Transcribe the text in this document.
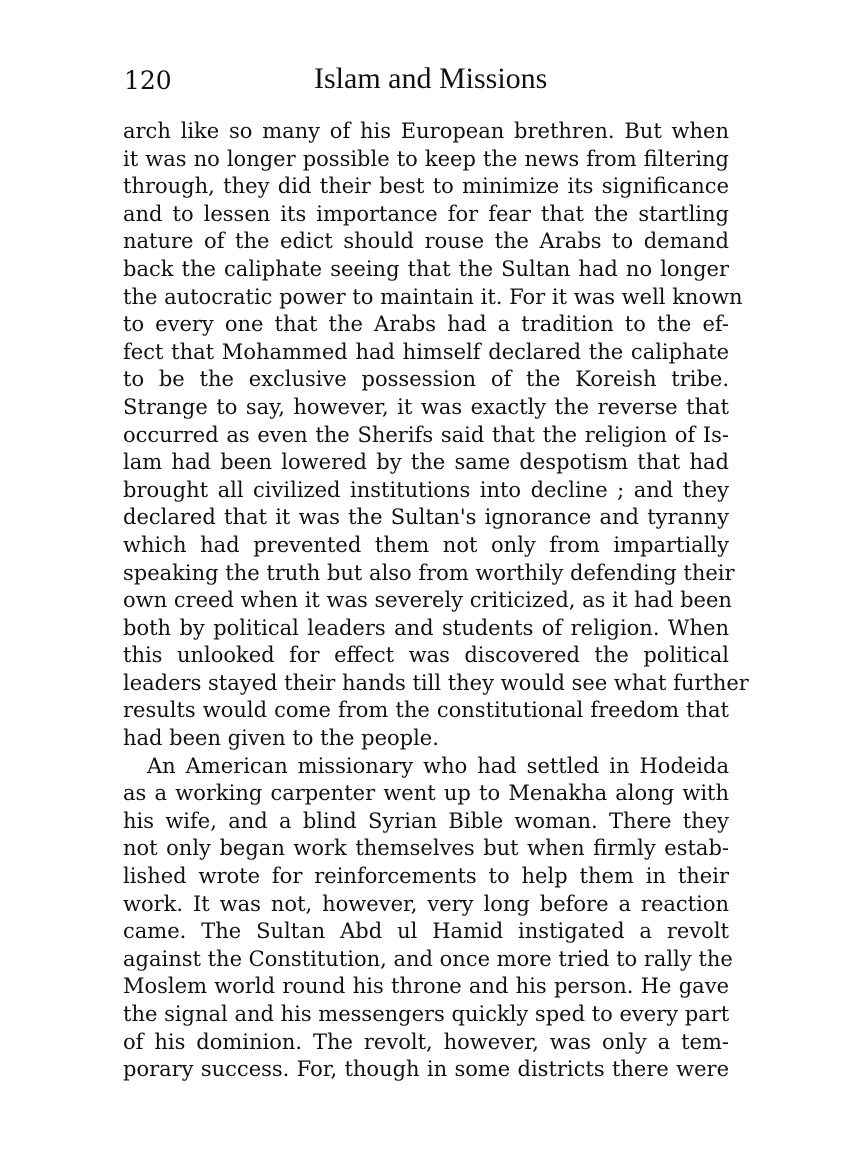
120	Islam and Missions
arch like so many of his European brethren. But when
it was no longer possible to keep the news from filtering
through, they did their best to minimize its significance
and to lessen its importance for fear that the startling
nature of the edict should rouse the Arabs to demand
back the caliphate seeing that the Sultan had no longer
the autocratic power to maintain it. For it was well known
to every one that the Arabs had a tradition to the ef-
fect that Mohammed had himself declared the caliphate
to be the exclusive possession of the Koreish tribe.
Strange to say, however, it was exactly the reverse that
occurred as even the Sherifs said that the religion of Is-
lam had been lowered by the same despotism that had
brought all civilized institutions into decline ; and they
declared that it was the Sultan's ignorance and tyranny
which had prevented them not only from impartially
speaking the truth but also from worthily defending their
own creed when it was severely criticized, as it had been
both by political leaders and students of religion. When
this unlooked for effect was discovered the political
leaders stayed their hands till they would see what further
results would come from the constitutional freedom that
had been given to the people.
An American missionary who had settled in Hodeida
as a working carpenter went up to Menakha along with
his wife, and a blind Syrian Bible woman. There they
not only began work themselves but when firmly estab-
lished wrote for reinforcements to help them in their
work. It was not, however, very long before a reaction
came. The Sultan Abd ul Hamid instigated a revolt
against the Constitution, and once more tried to rally the
Moslem world round his throne and his person. He gave
the signal and his messengers quickly sped to every part
of his dominion. The revolt, however, was only a tem-
porary success. For, though in some districts there were
